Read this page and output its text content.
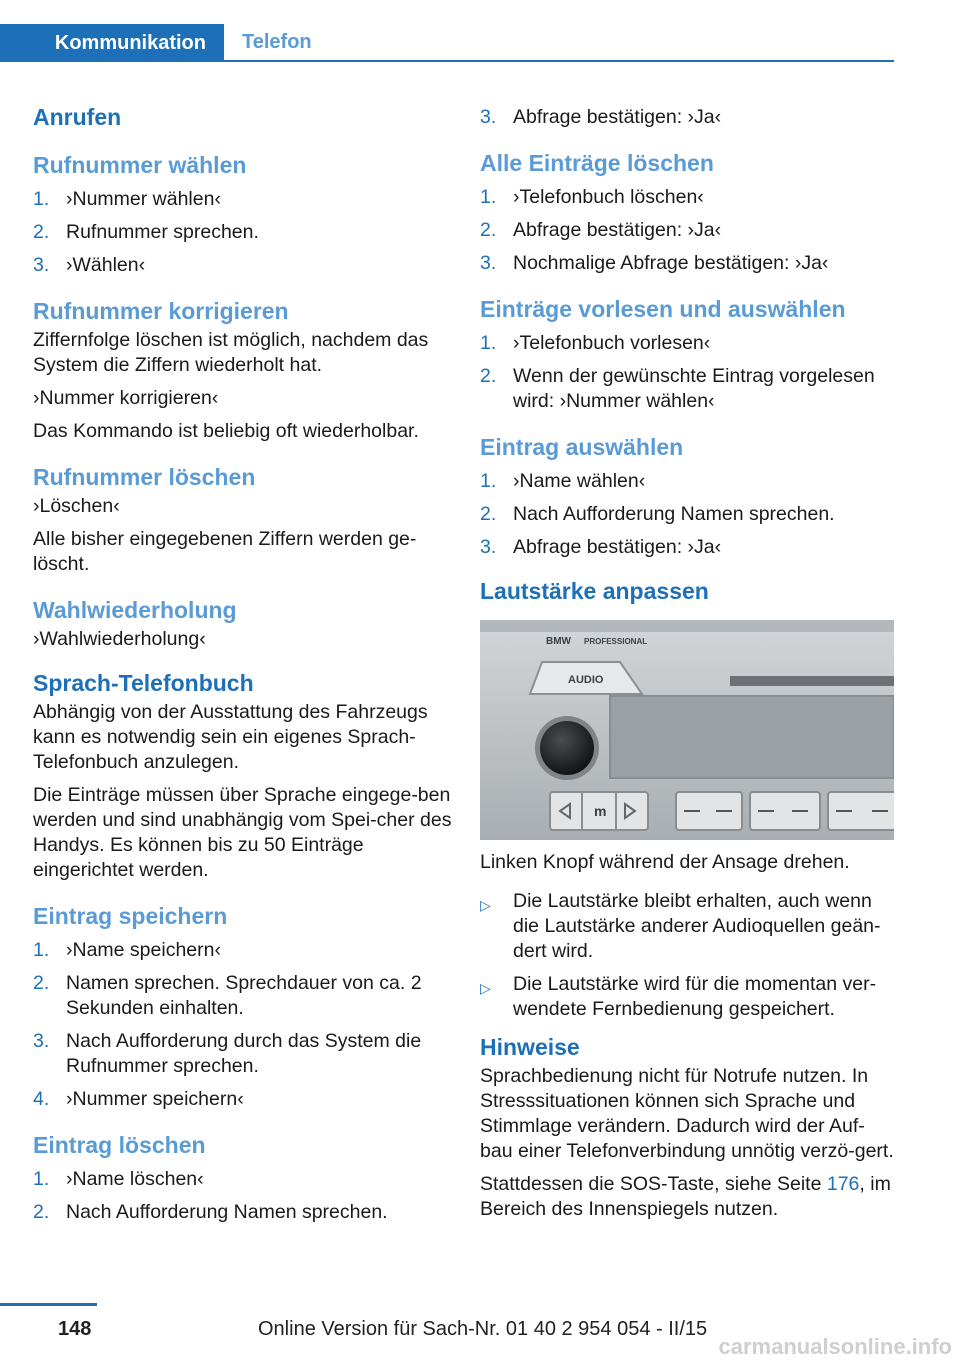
Kommunikation	Telefon
Anrufen
Rufnummer wählen
1. ›Nummer wählen‹
2. Rufnummer sprechen.
3. ›Wählen‹
Rufnummer korrigieren

Ziffernfolge löschen ist möglich, nachdem das System die Ziffern wiederholt hat.

›Nummer korrigieren‹

Das Kommando ist beliebig oft wiederholbar.

Rufnummer löschen

›Löschen‹

Alle bisher eingegebenen Ziffern werden ge‐löscht.

Wahlwiederholung

›Wahlwiederholung‹

Sprach-Telefonbuch

Abhängig von der Ausstattung des Fahrzeugs kann es notwendig sein ein eigenes Sprach-Telefonbuch anzulegen.

Die Einträge müssen über Sprache eingege‐ben werden und sind unabhängig vom Spei‐cher des Handys. Es können bis zu 50 Einträge eingerichtet werden.

Eintrag speichern
1. ›Name speichern‹
2. Namen sprechen. Sprechdauer von ca. 2 Sekunden einhalten.
3. Nach Aufforderung durch das System die Rufnummer sprechen.
4. ›Nummer speichern‹
Eintrag löschen
1. ›Name löschen‹
2. Nach Aufforderung Namen sprechen.
3. Abfrage bestätigen: ›Ja‹
Alle Einträge löschen
1. ›Telefonbuch löschen‹
2. Abfrage bestätigen: ›Ja‹
3. Nochmalige Abfrage bestätigen: ›Ja‹
Einträge vorlesen und auswählen
1. ›Telefonbuch vorlesen‹
2. Wenn der gewünschte Eintrag vorgelesen wird: ›Nummer wählen‹
Eintrag auswählen
1. ›Name wählen‹
2. Nach Aufforderung Namen sprechen.
3. Abfrage bestätigen: ›Ja‹
Lautstärke anpassen
BMW PROFESSIONAL
AUDIO
m

Linken Knopf während der Ansage drehen.

▷	Die Lautstärke bleibt erhalten, auch wenn die Lautstärke anderer Audioquellen geän‐dert wird.
▷	Die Lautstärke wird für die momentan ver‐wendete Fernbedienung gespeichert.
Hinweise

Sprachbedienung nicht für Notrufe nutzen. In Stresssituationen können sich Sprache und Stimmlage verändern. Dadurch wird der Auf‐bau einer Telefonverbindung unnötig verzö‐gert.

Stattdessen die SOS-Taste, siehe Seite 176, im Bereich des Innenspiegels nutzen.

148	Online Version für Sach-Nr. 01 40 2 954 054 - II/15
carmanualsonline.info
